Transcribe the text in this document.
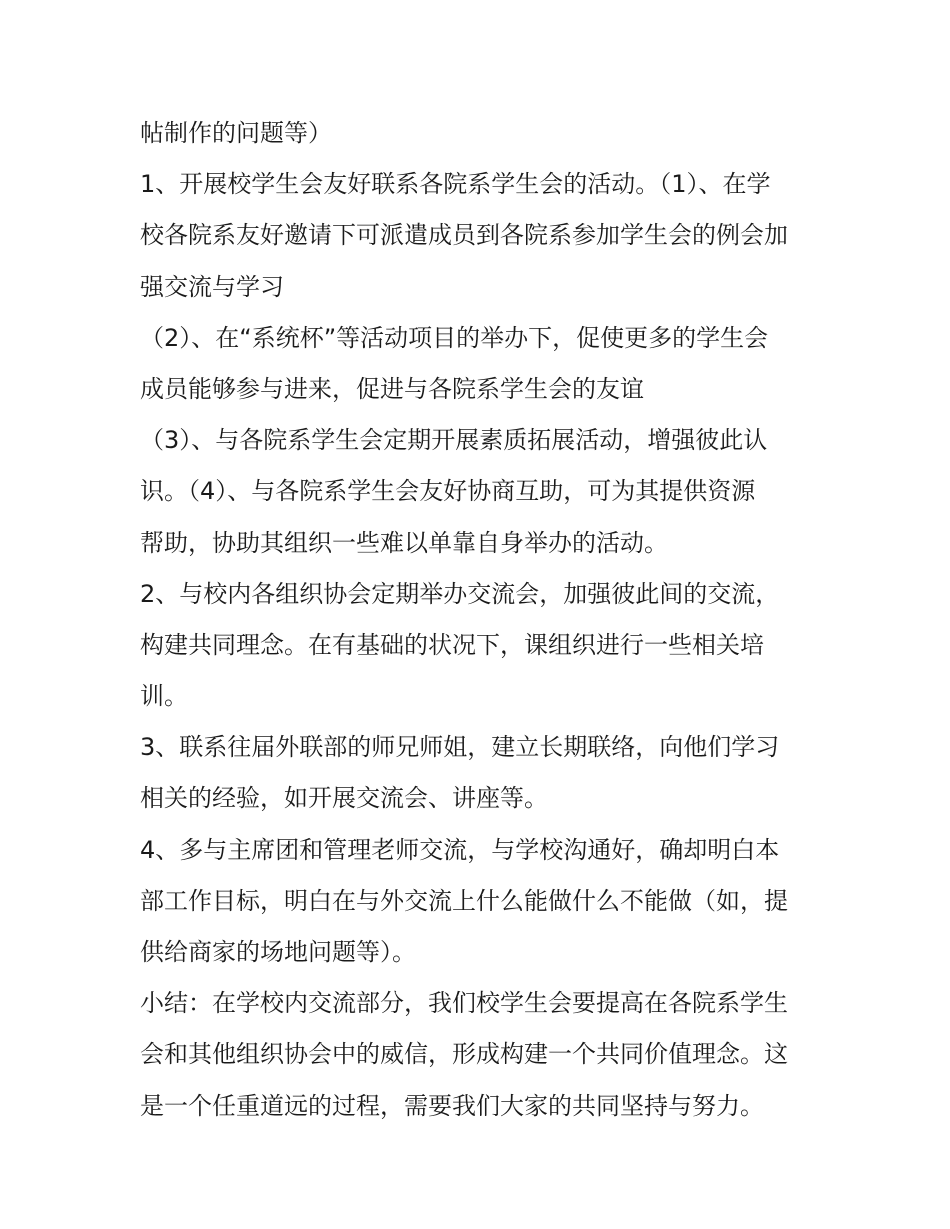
帖制作的问题等）
1、开展校学生会友好联系各院系学生会的活动。（1）、在学
校各院系友好邀请下可派遣成员到各院系参加学生会的例会加
强交流与学习
（2）、在“系统杯”等活动项目的举办下，促使更多的学生会
成员能够参与进来，促进与各院系学生会的友谊
（3）、与各院系学生会定期开展素质拓展活动，增强彼此认
识。（4）、与各院系学生会友好协商互助，可为其提供资源
帮助，协助其组织一些难以单靠自身举办的活动。
2、与校内各组织协会定期举办交流会，加强彼此间的交流，
构建共同理念。在有基础的状况下，课组织进行一些相关培
训。
3、联系往届外联部的师兄师姐，建立长期联络，向他们学习
相关的经验，如开展交流会、讲座等。
4、多与主席团和管理老师交流，与学校沟通好，确却明白本
部工作目标，明白在与外交流上什么能做什么不能做（如，提
供给商家的场地问题等）。
小结：在学校内交流部分，我们校学生会要提高在各院系学生
会和其他组织协会中的威信，形成构建一个共同价值理念。这
是一个任重道远的过程，需要我们大家的共同坚持与努力。
